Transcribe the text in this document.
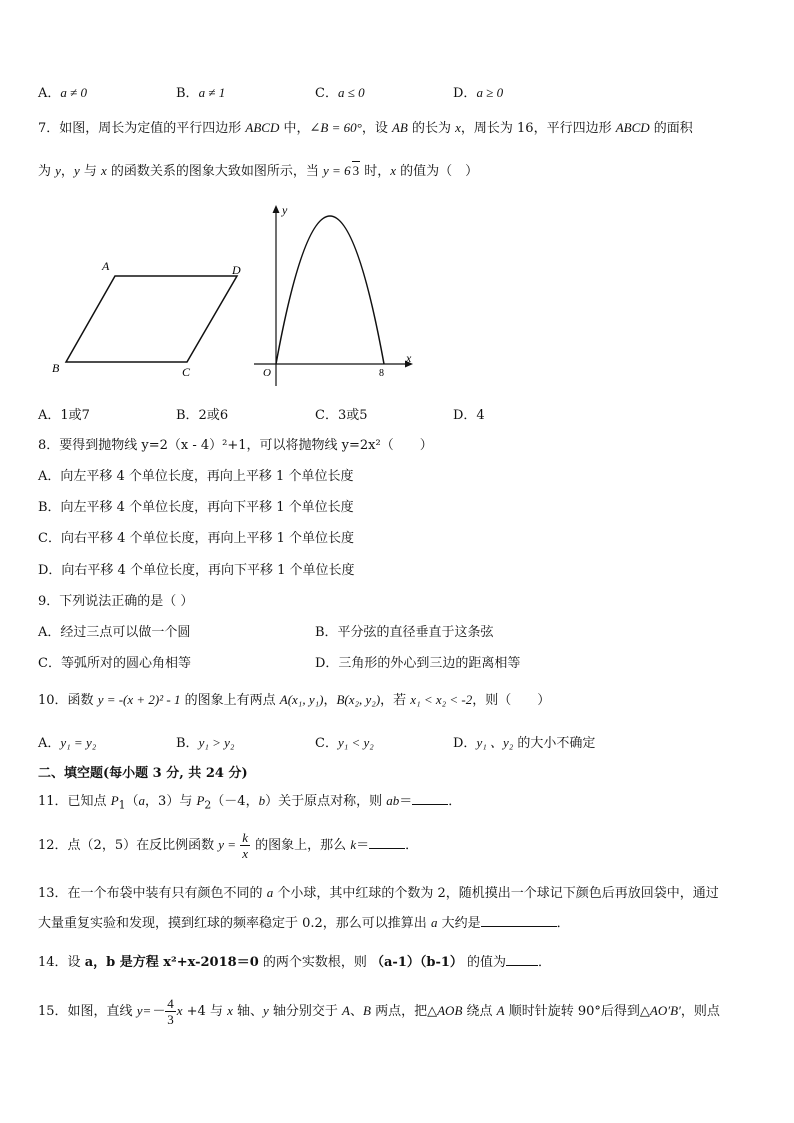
A．a ≠ 0	B．a ≠ 1	C．a ≤ 0	D．a ≥ 0
7．如图，周长为定值的平行四边形 ABCD 中，∠B = 60°，设 AB 的长为 x，周长为 16，平行四边形 ABCD 的面积
为 y，y 与 x 的函数关系的图象大致如图所示，当 y = 6 3 时，x 的值为（　）
A	D
B	C
y
x
O	8
A．1或7	B．2或6	C．3或5	D．4
8．要得到抛物线 y=2（x - 4）²+1，可以将抛物线 y=2x²（　　）
A．向左平移 4 个单位长度，再向上平移 1 个单位长度
B．向左平移 4 个单位长度，再向下平移 1 个单位长度
C．向右平移 4 个单位长度，再向上平移 1 个单位长度
D．向右平移 4 个单位长度，再向下平移 1 个单位长度
9．下列说法正确的是（ ）
A．经过三点可以做一个圆	B．平分弦的直径垂直于这条弦
C．等弧所对的圆心角相等	D．三角形的外心到三边的距离相等
10．函数 y = -(x + 2)² - 1 的图象上有两点 A(x₁, y₁)，B(x₂, y₂)，若 x₁ < x₂ < -2，则（　　）
A．y₁ = y₂	B．y₁ > y₂	C．y₁ < y₂	D．y₁ 、y₂ 的大小不确定
二、填空题(每小题 3 分, 共 24 分)
11．已知点 $P_1(a$，3）与 $P_2(-4$，b）关于原点对称，则 ab＝	．
12．点（2，5）在反比例函数 $y = \frac{k}{x}$ 的图象上，那么 k＝	．
13．在一个布袋中装有只有颜色不同的 a 个小球，其中红球的个数为 2，随机摸出一个球记下颜色后再放回袋中，通过
大量重复实验和发现，摸到红球的频率稳定于 0.2，那么可以推算出 a 大约是	．
14．设 a，b 是方程 x²+x-2018＝0 的两个实数根，则 （a-1）（b-1） 的值为 ．
15．如图，直线 $y=- \frac{4}{3}$ x +4 与 x 轴、y 轴分别交于 A、B 两点，把△AOB 绕点 A 顺时针旋转 90°后得到△AO′B′，则点
